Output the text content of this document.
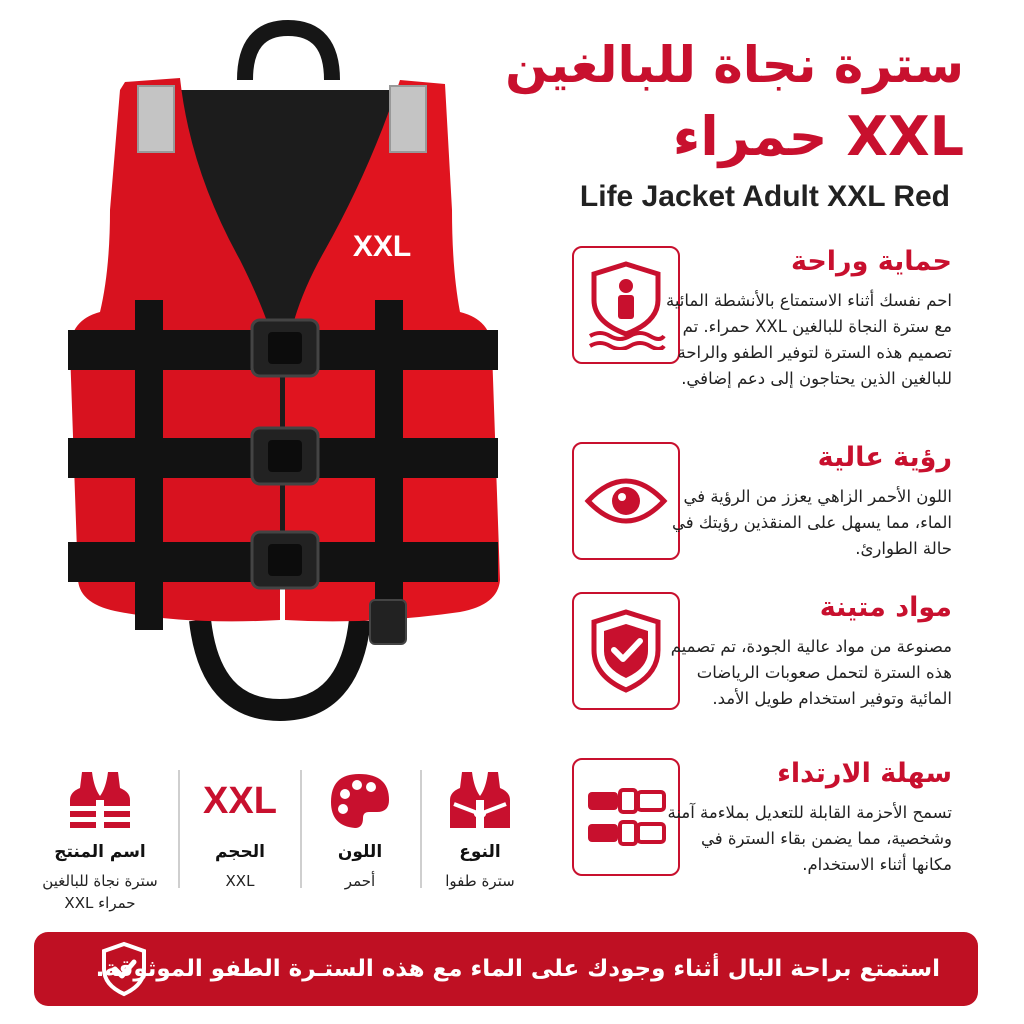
سترة نجاة للبالغين
حمراء XXL
Life Jacket Adult XXL Red
XXL	حماية وراحة
احم نفسك أثناء الاستمتاع بالأنشطة المائية مع سترة النجاة للبالغين XXL حمراء. تم تصميم هذه السترة لتوفير الطفو والراحة للبالغين الذين يحتاجون إلى دعم إضافي.
رؤية عالية
اللون الأحمر الزاهي يعزز من الرؤية في الماء، مما يسهل على المنقذين رؤيتك في حالة الطوارئ.
مواد متينة
مصنوعة من مواد عالية الجودة، تم تصميم هذه السترة لتحمل صعوبات الرياضات المائية وتوفير استخدام طويل الأمد.
سهلة الارتداء
تسمح الأحزمة القابلة للتعديل بملاءمة آمنة وشخصية، مما يضمن بقاء السترة في مكانها أثناء الاستخدام.
اسم المنتج
سترة نجاة للبالغين حمراء XXL
XXL
الحجم
XXL
اللون
أحمر
النوع
سترة طفوا
استمتع براحة البال أثناء وجودك على الماء مع هذه الستـرة الطفو الموثوقة.
